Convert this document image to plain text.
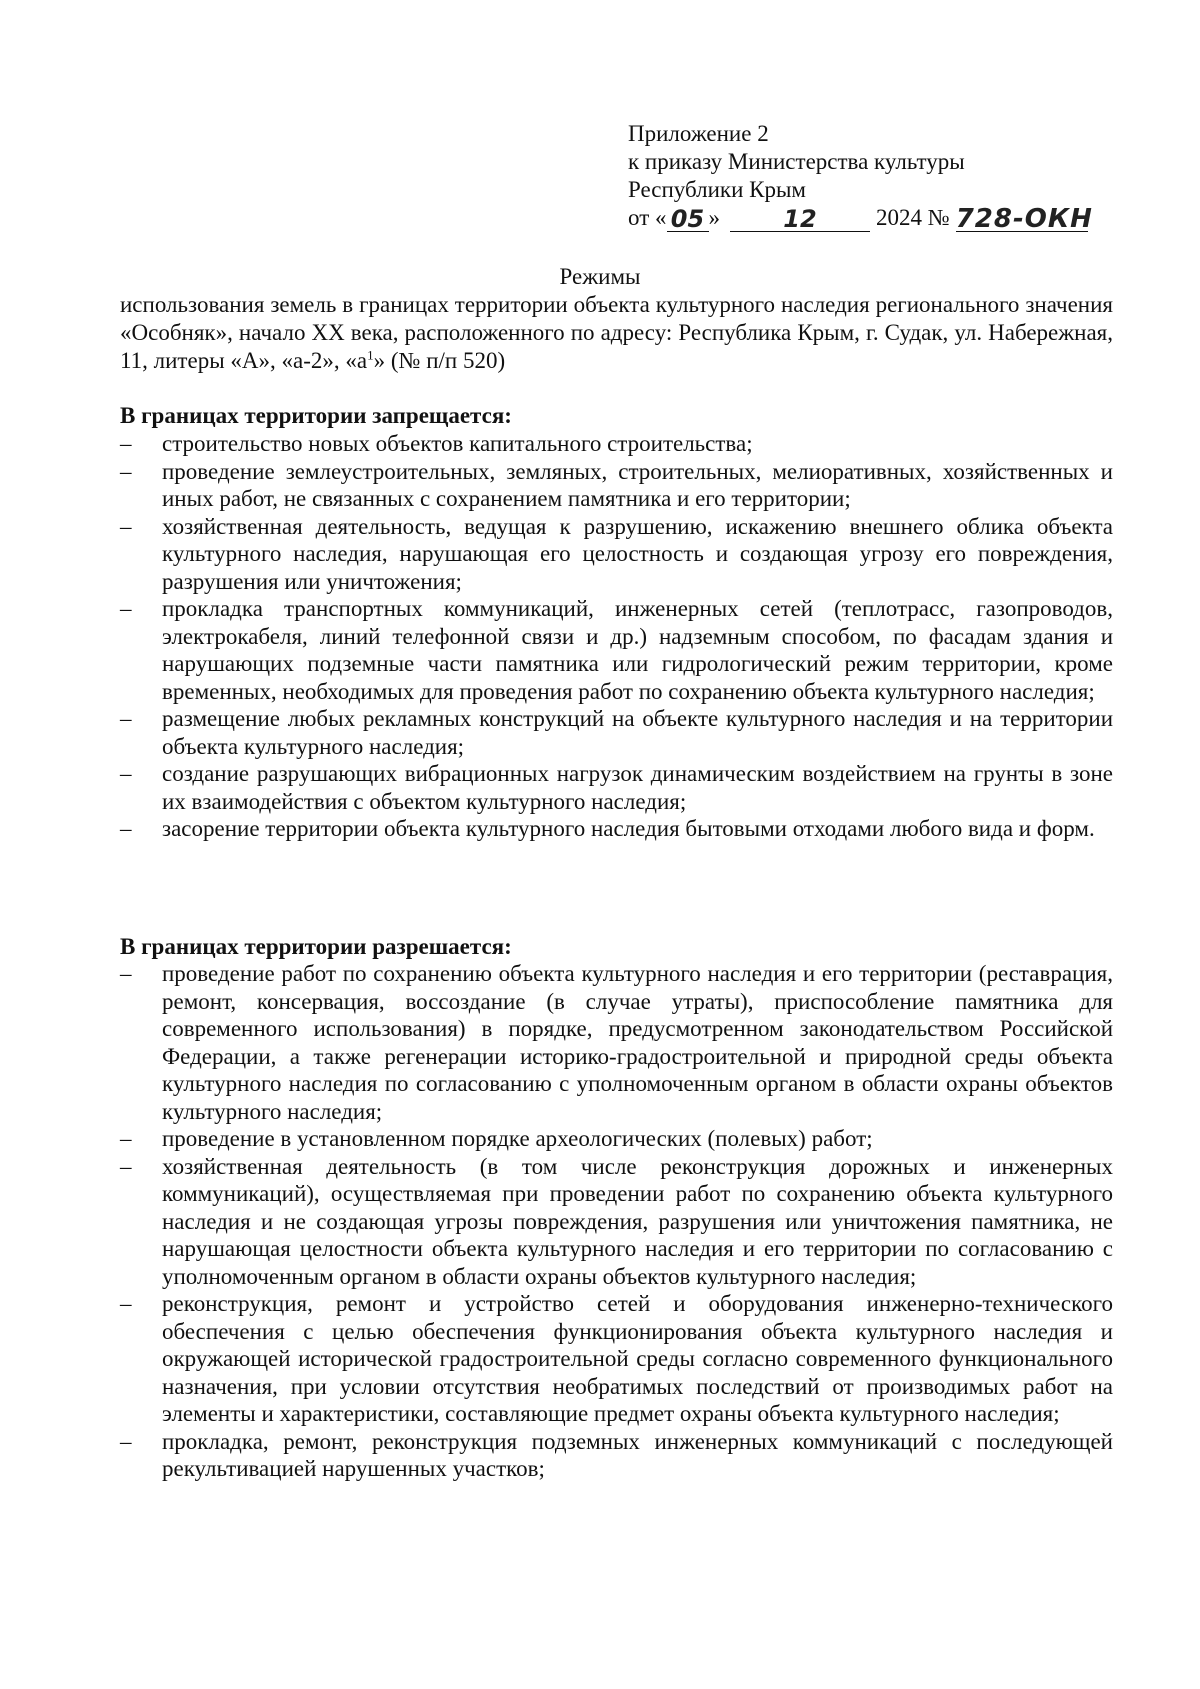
Приложение 2
к приказу Министерства культуры
Республики Крым
от « 05 »	12	2024 № 728-ОКН
Режимы
использования земель в границах территории объекта культурного наследия регионального значения «Особняк», начало XX века, расположенного по адресу: Республика Крым, г. Судак, ул. Набережная, 11, литеры «А», «а-2», «$а^1$» (№ п/п 520)
В границах территории запрещается:
– строительство новых объектов капитального строительства;
– проведение землеустроительных, земляных, строительных, мелиоративных, хозяйственных и иных работ, не связанных с сохранением памятника и его территории;
– хозяйственная деятельность, ведущая к разрушению, искажению внешнего облика объекта культурного наследия, нарушающая его целостность и создающая угрозу его повреждения, разрушения или уничтожения;
– прокладка транспортных коммуникаций, инженерных сетей (теплотрасс, газопроводов, электрокабеля, линий телефонной связи и др.) надземным способом, по фасадам здания и нарушающих подземные части памятника или гидрологический режим территории, кроме временных, необходимых для проведения работ по сохранению объекта культурного наследия;
– размещение любых рекламных конструкций на объекте культурного наследия и на территории объекта культурного наследия;
– создание разрушающих вибрационных нагрузок динамическим воздействием на грунты в зоне их взаимодействия с объектом культурного наследия;
– засорение территории объекта культурного наследия бытовыми отходами любого вида и форм.
В границах территории разрешается:
– проведение работ по сохранению объекта культурного наследия и его территории (реставрация, ремонт, консервация, воссоздание (в случае утраты), приспособление памятника для современного использования) в порядке, предусмотренном законодательством Российской Федерации, а также регенерации историко-градостроительной и природной среды объекта культурного наследия по согласованию с уполномоченным органом в области охраны объектов культурного наследия;
– проведение в установленном порядке археологических (полевых) работ;
– хозяйственная деятельность (в том числе реконструкция дорожных и инженерных коммуникаций), осуществляемая при проведении работ по сохранению объекта культурного наследия и не создающая угрозы повреждения, разрушения или уничтожения памятника, не нарушающая целостности объекта культурного наследия и его территории по согласованию с уполномоченным органом в области охраны объектов культурного наследия;
– реконструкция, ремонт и устройство сетей и оборудования инженерно-технического обеспечения с целью обеспечения функционирования объекта культурного наследия и окружающей исторической градостроительной среды согласно современного функционального назначения, при условии отсутствия необратимых последствий от производимых работ на элементы и характеристики, составляющие предмет охраны объекта культурного наследия;
– прокладка, ремонт, реконструкция подземных инженерных коммуникаций с последующей рекультивацией нарушенных участков;
